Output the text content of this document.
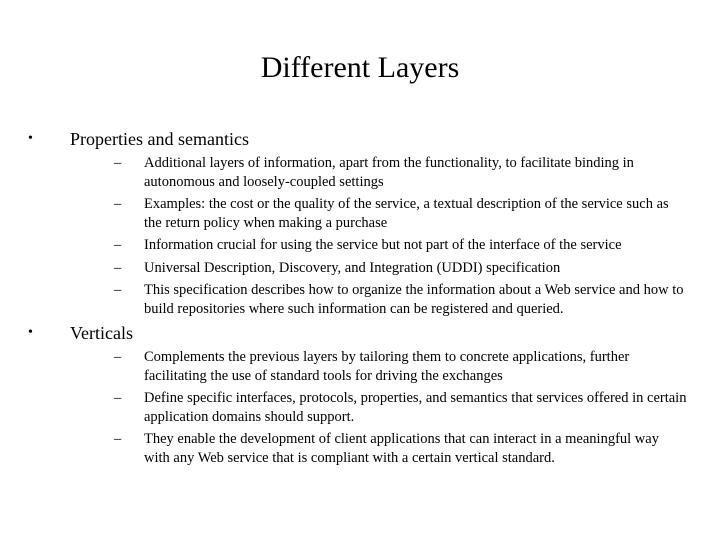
Different Layers
•	Properties and semantics
– Additional layers of information, apart from the functionality, to facilitate binding in autonomous and loosely-coupled settings
– Examples: the cost or the quality of the service, a textual description of the service such as the return policy when making a purchase
– Information crucial for using the service but not part of the interface of the service
– Universal Description, Discovery, and Integration (UDDI) specification
– This specification describes how to organize the information about a Web service and how to build repositories where such information can be registered and queried.
•	Verticals
– Complements the previous layers by tailoring them to concrete applications, further facilitating the use of standard tools for driving the exchanges
– Define specific interfaces, protocols, properties, and semantics that services offered in certain application domains should support.
– They enable the development of client applications that can interact in a meaningful way with any Web service that is compliant with a certain vertical standard.
